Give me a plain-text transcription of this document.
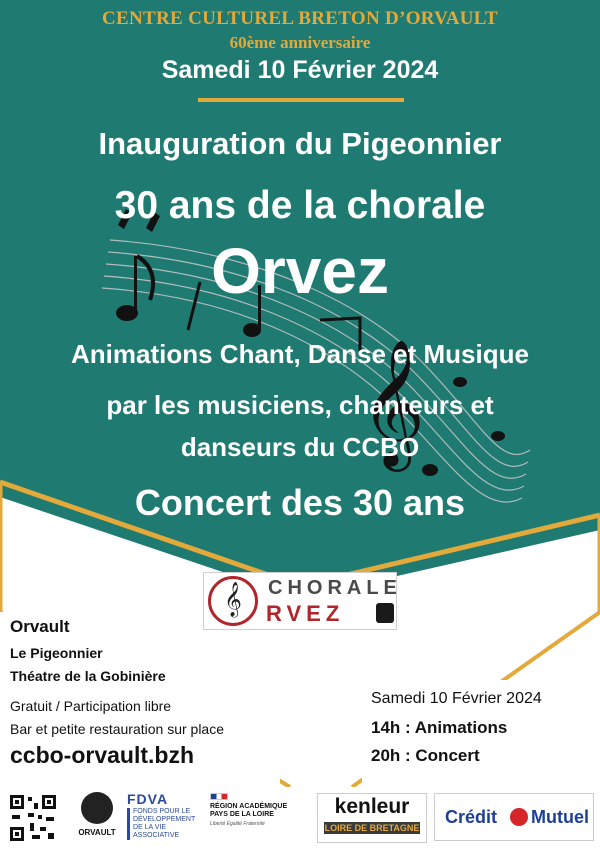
𝄞
CENTRE CULTUREL BRETON D’ORVAULT
60ème anniversaire
Samedi 10 Février 2024
Inauguration du Pigeonnier
30 ans de la chorale
Orvez
Animations Chant, Danse et Musique
par les musiciens, chanteurs et
danseurs du CCBO
Concert des 30 ans
𝄞	CHORALE
RVEZ
Orvault
Le Pigeonnier
Théatre de la Gobinière
Gratuit / Participation libre
Bar et petite restauration sur place
ccbo-orvault.bzh
Samedi 10 Février 2024
14h : Animations
20h : Concert
ORVAULT
FDVA
FONDS POUR LE DÉVELOPPEMENT DE LA VIE ASSOCIATIVE
RÉGION ACADÉMIQUE PAYS DE LA LOIRE
Liberté Égalité Fraternité
kenleur
LOIRE DE BRETAGNE
Crédit Mutuel
